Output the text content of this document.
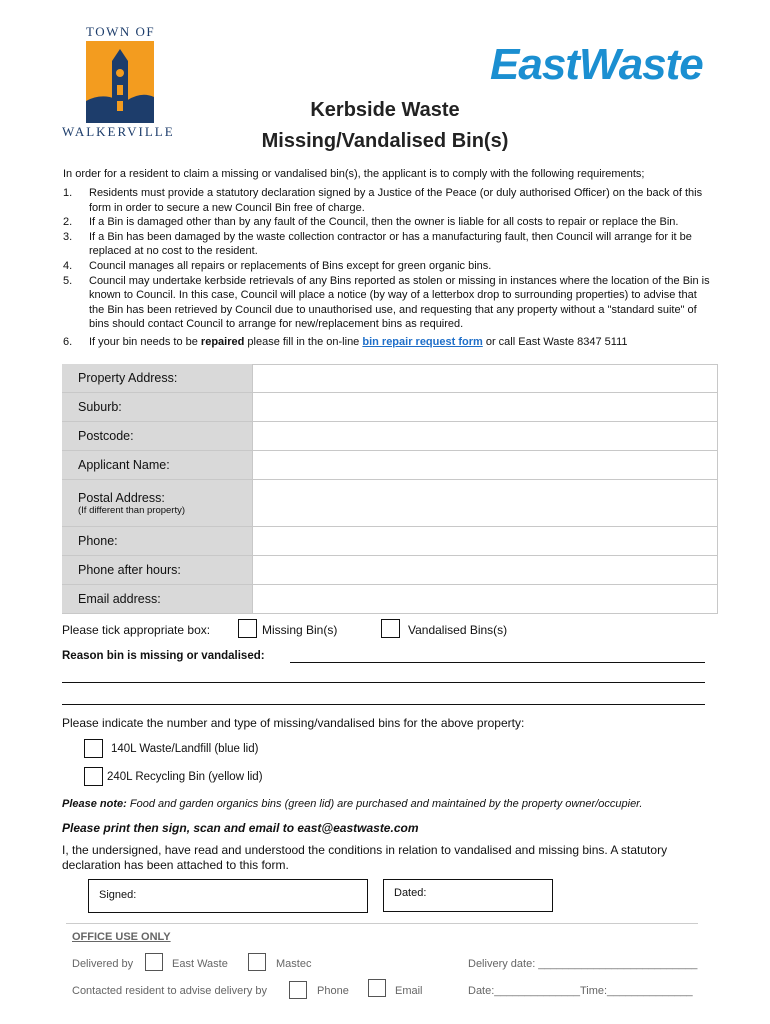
TOWN OF
WALKERVILLE
EastWaste
Kerbside Waste
Missing/Vandalised Bin(s)
In order for a resident to claim a missing or vandalised bin(s), the applicant is to comply with the following requirements;
1.	Residents must provide a statutory declaration signed by a Justice of the Peace (or duly authorised Officer) on the back of this form in order to secure a new Council Bin free of charge.
2.	If a Bin is damaged other than by any fault of the Council, then the owner is liable for all costs to repair or replace the Bin.
3.	If a Bin has been damaged by the waste collection contractor or has a manufacturing fault, then Council will arrange for it be replaced at no cost to the resident.
4.	Council manages all repairs or replacements of Bins except for green organic bins.
5.	Council may undertake kerbside retrievals of any Bins reported as stolen or missing in instances where the location of the Bin is known to Council. In this case, Council will place a notice (by way of a letterbox drop to surrounding properties) to advise that the Bin has been retrieved by Council due to unauthorised use, and requesting that any property without a "standard suite" of bins should contact Council to arrange for new/replacement bins as required.
6.	If your bin needs to be repaired please fill in the on-line bin repair request form or call East Waste 8347 5111
Property Address:
Suburb:
Postcode:
Applicant Name:
Postal Address:
(If different than property)
Phone:
Phone after hours:
Email address:
Please tick appropriate box:	Missing Bin(s)	Vandalised Bins(s)
Reason bin is missing or vandalised:
Please indicate the number and type of missing/vandalised bins for the above property:
140L Waste/Landfill (blue lid)
240L Recycling Bin (yellow lid)
Please note: Food and garden organics bins (green lid) are purchased and maintained by the property owner/occupier.
Please print then sign, scan and email to east@eastwaste.com
I, the undersigned, have read and understood the conditions in relation to vandalised and missing bins. A statutory declaration has been attached to this form.
Signed:	Dated:
OFFICE USE ONLY
Delivered by	East Waste	Mastec	Delivery date: __________________________
Contacted resident to advise delivery by	Phone	Email	Date:______________Time:______________
